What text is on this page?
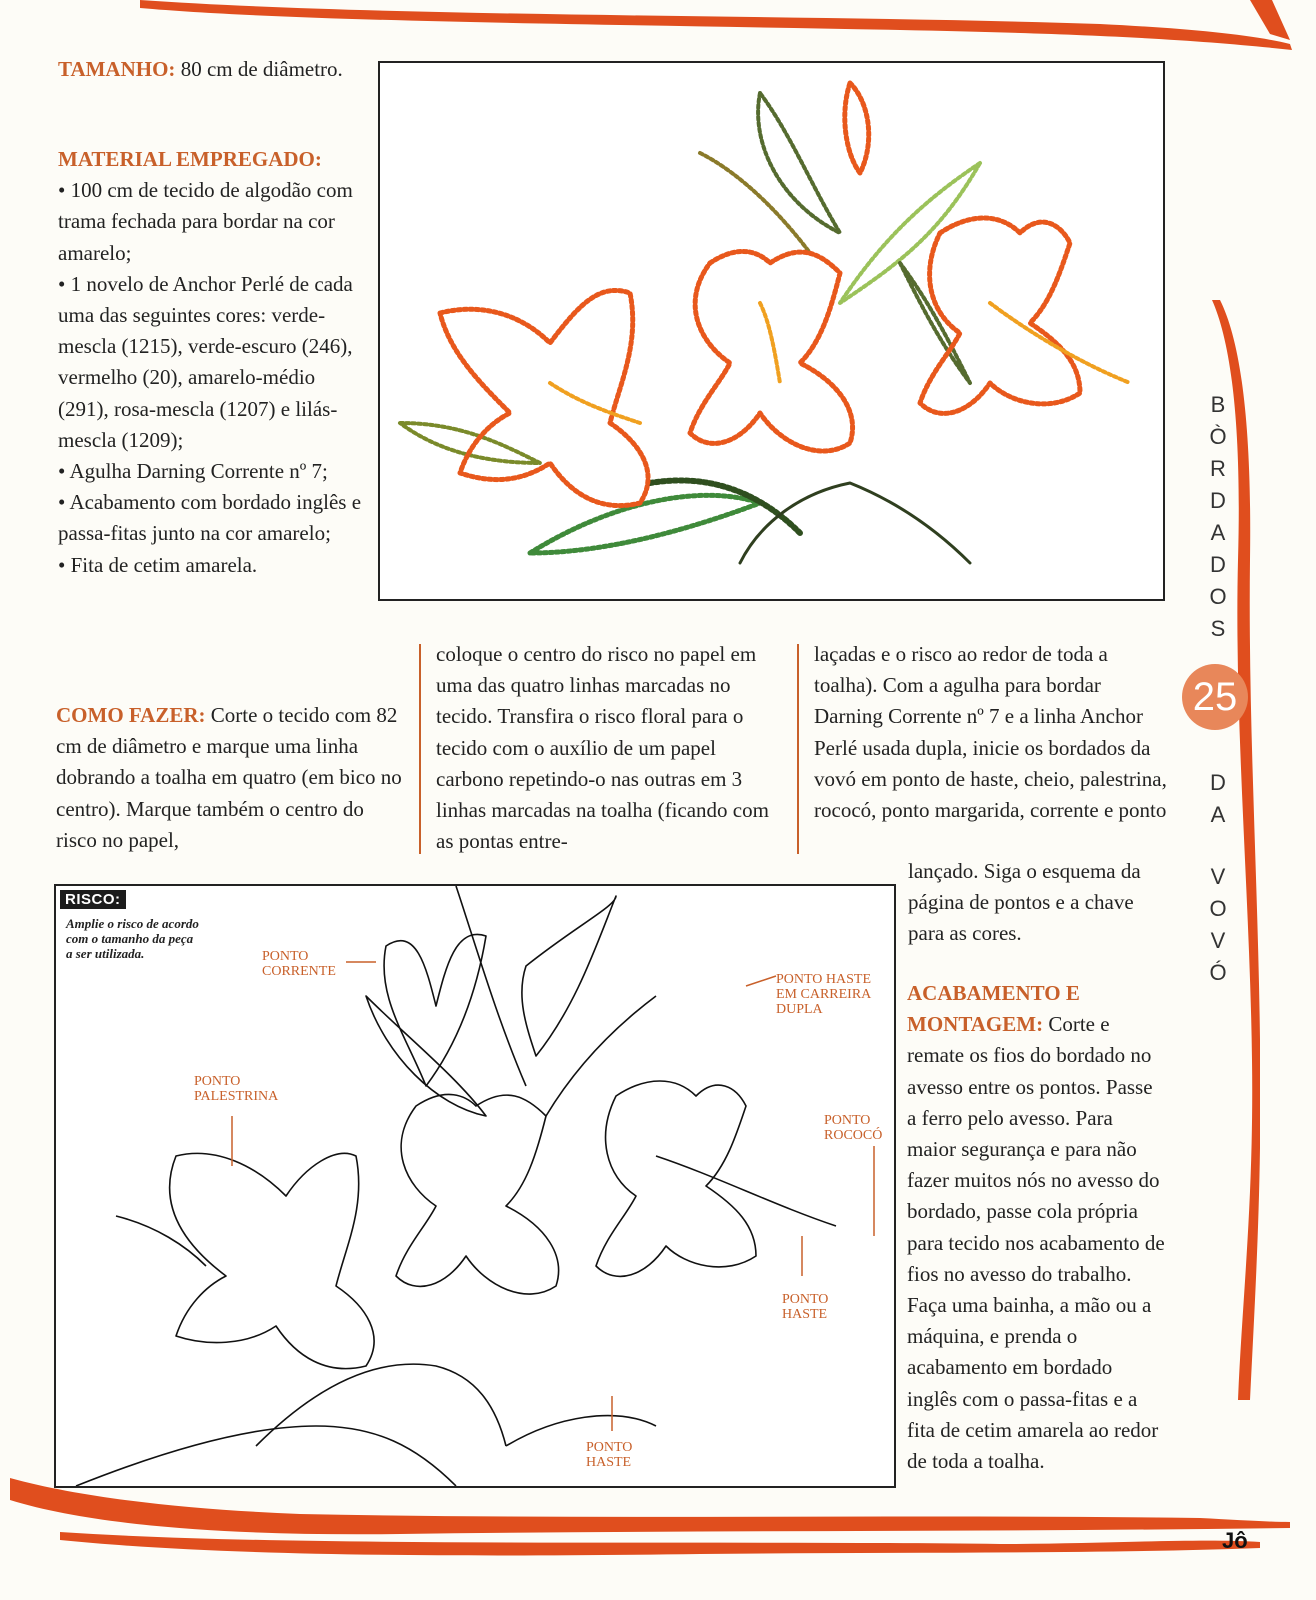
TAMANHO: 80 cm de diâmetro.

MATERIAL EMPREGADO:

• 100 cm de tecido de algodão com trama fechada para bordar na cor amarelo;

• 1 novelo de Anchor Perlé de cada uma das seguintes cores: verde-mescla (1215), verde-escuro (246), vermelho (20), amarelo-médio (291), rosa-mescla (1207) e lilás-mescla (1209);

• Agulha Darning Corrente nº 7;

• Acabamento com bordado inglês e passa-fitas junto na cor amarelo;

• Fita de cetim amarela.

COMO FAZER: Corte o tecido com 82 cm de diâmetro e marque uma linha dobrando a toalha em quatro (em bico no centro). Marque também o centro do risco no papel,

coloque o centro do risco no papel em uma das quatro linhas marcadas no tecido. Transfira o risco floral para o tecido com o auxílio de um papel carbono repetindo-o nas outras em 3 linhas marcadas na toalha (ficando com as pontas entre-

laçadas e o risco ao redor de toda a toalha). Com a agulha para bordar Darning Corrente nº 7 e a linha Anchor Perlé usada dupla, inicie os bordados da vovó em ponto de haste, cheio, palestrina, rococó, ponto margarida, corrente e ponto

lançado. Siga o esquema da página de pontos e a chave para as cores.

ACABAMENTO E MONTAGEM: Corte e remate os fios do bordado no avesso entre os pontos. Passe a ferro pelo avesso. Para maior segurança e para não fazer muitos nós no avesso do bordado, passe cola própria para tecido nos acabamento de fios no avesso do trabalho. Faça uma bainha, a mão ou a máquina, e prenda o acabamento em bordado inglês com o passa-fitas e a fita de cetim amarela ao redor de toda a toalha.

RISCO:
Amplie o risco de acordo com o tamanho da peça a ser utilizada.	PONTO CORRENTE
PONTO HASTE EM CARREIRA DUPLA
PONTO PALESTRINA
PONTO ROCOCÓ
PONTO HASTE
PONTO HASTE
B
Ò
R
D
A
D
O
S
25
D
A
V
O
V
Ó
Jô
